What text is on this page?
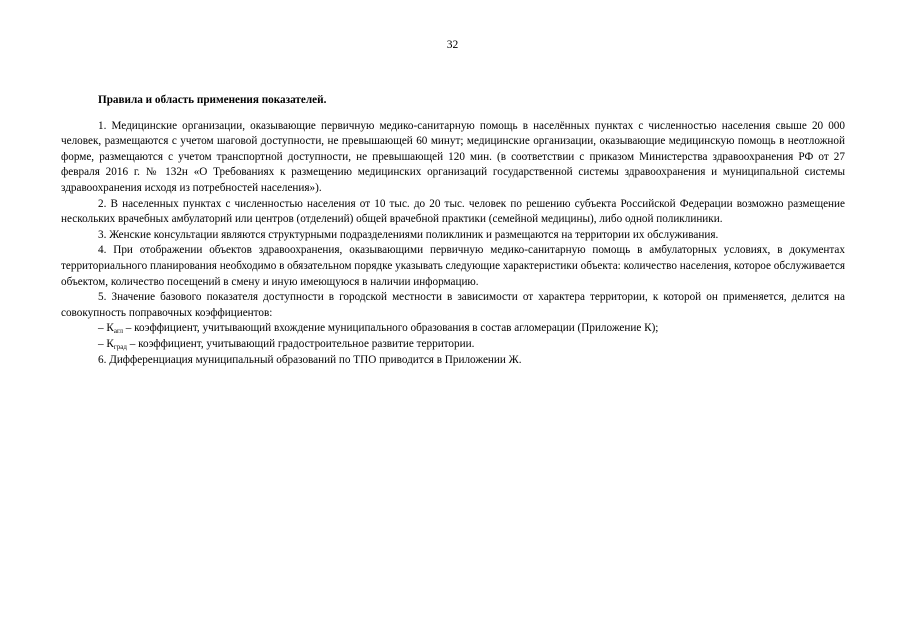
32

Правила и область применения показателей.

1. Медицинские организации, оказывающие первичную медико-санитарную помощь в населённых пунктах с численностью населения свыше 20 000 человек, размещаются с учетом шаговой доступности, не превышающей 60 минут; медицинские организации, оказывающие медицинскую помощь в неотложной форме, размещаются с учетом транспортной доступности, не превышающей 120 мин. (в соответствии с приказом Министерства здравоохранения РФ от 27 февраля 2016 г. № 132н «О Требованиях к размещению медицинских организаций государственной системы здравоохранения и муниципальной системы здравоохранения исходя из потребностей населения»).

2. В населенных пунктах с численностью населения от 10 тыс. до 20 тыс. человек по решению субъекта Российской Федерации возможно размещение нескольких врачебных амбулаторий или центров (отделений) общей врачебной практики (семейной медицины), либо одной поликлиники.

3. Женские консультации являются структурными подразделениями поликлиник и размещаются на территории их обслуживания.

4. При отображении объектов здравоохранения, оказывающими первичную медико-санитарную помощь в амбулаторных условиях, в документах территориального планирования необходимо в обязательном порядке указывать следующие характеристики объекта: количество населения, которое обслуживается объектом, количество посещений в смену и иную имеющуюся в наличии информацию.

5. Значение базового показателя доступности в городской местности в зависимости от характера территории, к которой он применяется, делится на совокупность поправочных коэффициентов:

– $К_{агл}$ – коэффициент, учитывающий вхождение муниципального образования в состав агломерации (Приложение К);

– $К_{град}$ – коэффициент, учитывающий градостроительное развитие территории.

6. Дифференциация муниципальный образований по ТПО приводится в Приложении Ж.
